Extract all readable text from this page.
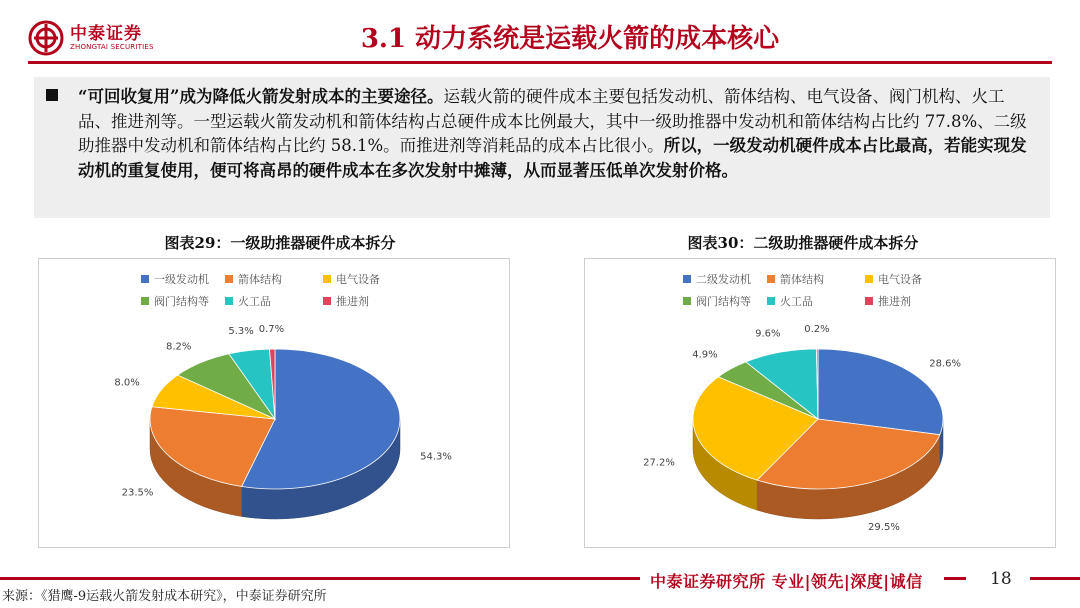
中泰证券
ZHONGTAI SECURITIES	3.1 动力系统是运载火箭的成本核心
“可回收复用”成为降低火箭发射成本的主要途径。运载火箭的硬件成本主要包括发动机、箭体结构、电气设备、阀门机构、火工品、推进剂等。一型运载火箭发动机和箭体结构占总硬件成本比例最大，其中一级助推器中发动机和箭体结构占比约 77.8%、二级助推器中发动机和箭体结构占比约 58.1%。而推进剂等消耗品的成本占比很小。所以，一级发动机硬件成本占比最高，若能实现发动机的重复使用，便可将高昂的硬件成本在多次发射中摊薄，从而显著压低单次发射价格。
图表29：一级助推器硬件成本拆分	图表30：二级助推器硬件成本拆分
一级发动机	箭体结构	电气设备
阀门结构等	火工品	推进剂
54.3%
23.5%
8.0%
8.2%
5.3% 0.7%
二级发动机	箭体结构	电气设备
阀门结构等	火工品	推进剂
28.6%
29.5%
27.2%
4.9%
9.6% 0.2%
中泰证券研究所 专业|领先|深度|诚信	18
来源：《猎鹰-9运载火箭发射成本研究》，中泰证券研究所
